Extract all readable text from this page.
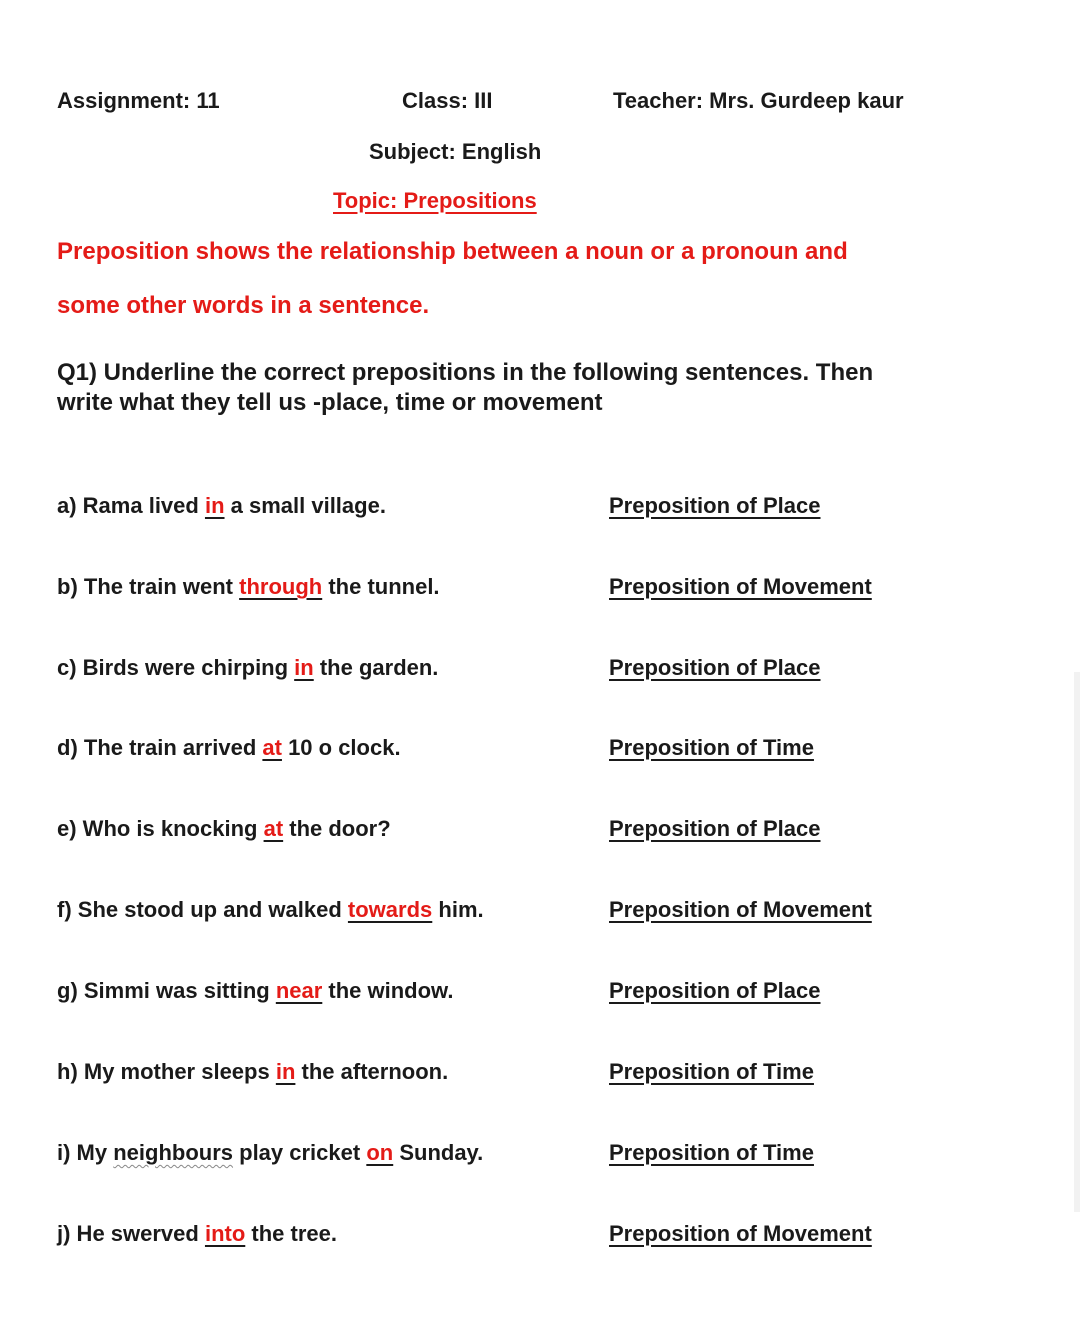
Assignment: 11	Class: III	Teacher: Mrs. Gurdeep kaur
Subject: English
Topic: Prepositions
Preposition shows the relationship between a noun or a pronoun and
some other words in a sentence.
Q1) Underline the correct prepositions in the following sentences. Then
write what they tell us -place, time or movement
a) Rama lived in a small village.	Preposition of Place
b) The train went through the tunnel.	Preposition of Movement
c) Birds were chirping in the garden.	Preposition of Place
d) The train arrived at 10 o clock.	Preposition of Time
e) Who is knocking at the door?	Preposition of Place
f) She stood up and walked towards him.	Preposition of Movement
g) Simmi was sitting near the window.	Preposition of Place
h) My mother sleeps in the afternoon.	Preposition of Time
i) My neighbours play cricket on Sunday.	Preposition of Time
j) He swerved into the tree.	Preposition of Movement
